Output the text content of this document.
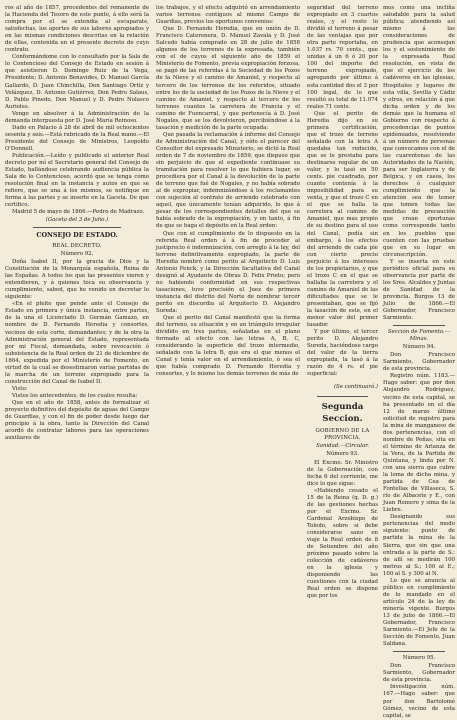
ros al año de 1857, procedentes del remanente de la Hacienda del Tesoro de este punto, á ello será la compra por el se extendía al escaparate, satisfechas, los aportes de sus labores apropiados y en las mismas condiciones descritas en la relación de ellas, contenida en el presente decreto de cuyo contrato.

Conformándome con lo consultado por la Sala de lo Contencioso del Consejo de Estado en sesión á que asistieron D. Domingo Ruiz de la Vega, Presidente; D. Antonio Benavides, D. Manuel García Gallardo, D. Juan Chinchilla, Don Santiago Ortiz y Velázquez, D. Antonio Gutiérrez, Don Pedro Salaus, D. Pablo Pinedo, Don Manuel y D. Pedro Nolasco Aurioles.

Vengo en absolver á la Administración de la demanda interpuesta por D. José María Reinoso.

Dado en Palacio á 28 de abril de mil ochocientos sesenta y seis.—Está rubricado de la Real mano.—El Presidente del Consejo de Ministros, Leopoldo O'Donnell.

Publicación.—Leído y publicado el anterior Real decreto por mí el Secretario general del Consejo de Estado, hallándose celebrando audiencia pública la Sala de lo Contencioso, acordó que se tenga como resolución final en la instancia y autos en que se refiere, que se una á los mismos, se notifique en forma á las partes y se inserte en la Gaceta. De que certifico.

Madrid 5 de mayo de 1866.—Pedro de Madrazo.

(Gaceta del 3 de Julio.)

CONSEJO DE ESTADO.

REAL DECRETO.

Número 92.

Doña Isabel II, por la gracia de Dios y la Constitución de la Monarquía española, Reina de las Españas. A todos los que las presentes vieren y entendieren, y á quienes toca su observancia y cumplimiento, sabed, que he venido en decretar lo siguiente:

«En el pleito que pende ante el Consejo de Estado en primera y única instancia, entre partes, de la una el Licenciado D. Germán Gamazo, en nombre de D. Fernando Heredia y consortes, vecinos de esta corte, demandantes; y de la otra la Administración general del Estado, representada por mi Fiscal, demandada, sobre revocación ó subsistencia de la Real orden de 21 de diciembre de 1864, expedida por el Ministerio de Fomento, en virtud de la cual se desestimaron varias partidas de la marcha de un terreno expropiado para la construcción del Canal de Isabel II.

Visto:

Vistos los antecedentes, de los cuales resulta:

Que en el año de 1858, antes de formalizar el proyecto definitivo del depósito de aguas del Campo de Guardias, y con el fin de poder desde luego dar principio á la obra, tanto la Dirección del Canal acordó de contratar labores para las operaciones auxiliares de

los trabajos, y el efecto adquirió en arrendamiento varios terrenos contiguos al mismo Campo de Guardias, previos los oportunos convenios:

Que D. Fernando Heredia, que en unión de D. Francisco Caterenera, D. Manuel Zavala y D. José Salcedo había comprado en 28 de julio de 1858 algunos de los terrenos de la expresada, también con el de cuyos el siguiente año de 1859 el Ministerio de Fomento, previa expropiación forzosa, se pagó de las referidas á la Sociedad de los Pozos de la Nieve y el camino de Amaniel, y respecto al tercero de los terrenos de los referidos, situado entre los de la sociedad de los Pozos de la Nieve y el camino de Amaniel, y respecto al tercero de los terrenos cuantos la carretera de Francia y el camino de Fuencarral, y que pertenecía á D. José Nogales, que se los devolvieron, percibiéndose á la tasación y medición de la parte ocupada:

Que pasada la reclamación á informe del Consejo de Administración del Canal, y oído el parecer del Consultor del expresado Ministerio, se dictó la Real orden de 7 de noviembre de 1859, que dispuso que sin perjuicio de que el expediente continuase su tramitación para resolver lo que hubiera lugar, se procediera por el Canal á la devolución de la parte de terreno que fué de Nogales, y no había sobrado al de expropiar, indemnizándose á los reclamantes con sujeción al contrato de arriendo celebrado con aquel, que únicamente tenían adquirido, lo que á pesar de los correspondientes detalles del que se había sobrado de la expropiación, y en tanto, á fin de que se haga el depósito en la Real orden:

Que con el cumplimiento de lo dispuesto en la referida Real orden á á fin de proceder al justiprecio é indemnización, con arreglo á la ley, del terreno definitivamente expropiado, la parte de Heredia nombró como perito al Arquitecto D. Luis Antonio Fenck, y la Dirección facultativa del Canal designó al Ayudante de Obras D. Felix Prieto; pero no habiendo conformidad en sus respectivas tasaciones, tuvo precisión el Juez de primera instancia del distrito del Norte de nombrar tercer perito en discordia al Arquitecto D. Alejandro Sureda:

Que el perito del Canal manifestó que la forma del terreno, su situación y en un triángulo irregular dividido en tres partes, señaladas en el plano formado al efecto con las letras A, B, C, considerando la superficie del trozo intermedio, señalado con la letra B, que era el que menos el Canal y tenía valor en el arrendamiento, ó sea el que había comprado D. Fernando Heredia y consortes, y lo mismo los demás terrenos de más de

seguridad del terreno expropiado en 3 cuartos reales, y el resto lo dividió el terreno á pesar de las ventajas que por otra parte reportaba, en 1.037 rs. 70 cents., que unidas á un 6 ó 20 por 100 del importe del terreno expropiado, agregando por último á esta cantidad dos el 3 por 100 legal, de lo que resultó su total de 11.074 reales 71 cents.

Que el perito de Heredia dijo en su primera certificación, que el trozo de terreno señalado con la letra A quedaba tan reducido, que se le prestaba para destinarse regular de un valor, y lo tasó en 50 cents. pie cuadrado, por cuanto contenía á la imposibilidad para su venta, y que el trozo C en el que se halla la carretera al camino de Amaniel, que mas propio de su destino para el uso del Canal, podía sin embargo, á los efectos del arriendo de cada pie con cierto precio perjuicio á los intereses de los propietarios, y que el trozo C en el que se hallaba la carretera y el camino de Amaniel de las dificultades que se le presentaban, que se fijó la tasación de este, en el menor valor del primer tasador.

Y por último, el tercer perito D. Alejandro Sureda, haciéndose cargo del valor de la tierra expropiada, la tasó á la razón de 4 rs. el pie superficial:

(Se continuará.)

Segunda Seccion.

GOBIERNO DE LA PROVINCIA.

Sanidad.—Circular.

Número 93.

El Excmo. Sr. Ministro de la Gobernación, con fecha 6 del corriente, me dice lo que sigue:

«Habiendo cesado el 15 de la Reina (q. D. g.) de las gestiones hechas por el Excmo. Sr. Cardenal Arzobispo de Toledo, sobre si debe considerarse sano en viaje la Real orden de 8 de Setiembre del año próximo pasado sobre la colección de cadáveres en la iglesia y disponiendo las cuestiones con la ciudad Real orden se dispone que por los

mos como una incliña saludable para la salud pública; atendiendo así mismo á las consideraciones de prudencia que aconsejan los y el sostenimiento de la expresada Real resolución, en vista de que el ejercicio de los cadáveres en las iglesias, Hospitales y lugares de esta villa, Sevilla y Cádiz y otros, en relación á que dicha orden y de los demás que la humana el Gobierno con respecto á procedencias de puntos epidemiados, resolviendo á un número de personas que convocamos con el de las cuarentenas de las Autoridades de la Nación, para ser Inglaterra y de Belgica, y en casos, los derechos ó cualquier cumplimiento que la atención sea de temer que tomen todas las medidas de precaución que crean oportunas como corresponde tanto en los pueblos que cuenten con las pruebas que en su lugar en circunscripción.

Y se inserta en este periódico oficial para su observancia por parte de los Sres. Alcaldes y Juntas de Sanidad de la provincia. Burgos 13 de Julio de 1866.—El Gobernador, Francisco Sarmiento.

Sección de Fomento.—Minas.

Número 94.

Don Francisco Sarmiento, Gobernador de esta provincia.

Registro núm. 1183.—Hago saber: que por don Alejandro Rodríguez, vecino de esta capital, se ha presentado en el día 12 de marzo último solicitud de registro para la mina de manganeso de dos pertenencias, con el nombre de Peñas, sita en el término de Arlanza de la Vera, de la Partida de Quintana, y linda por N. con una sierra que cubre la loma de dicha mina, y partida de Cea de Fontellas de Villaseca, S. río de Albacete y E., con Juan Romero y sima de la Liebre.

Designando sus pertenencias del modo siguiente: punto de partida la mina de la Sierra, que sin que una entrada a la parte de S.: de allí se medirán 100 metros al S.; 100 al E.; 100 al S. y 300 al N.

Lo que se anuncia al público en cumplimiento de lo mandado en el artículo 24 de la ley de minería vigente. Burgos 13 de julio de 1866.—El Gobernador, Francisco Sarmiento.—El Jefe de la Sección de Fomento, Juan Saldana.

Número 95.

Don Francisco Sarmiento, Gobernador de esta provincia.

Investigación núm. 167.—Hago saber: que por don Bartolomé Gómez, vecino de esta capital, se
